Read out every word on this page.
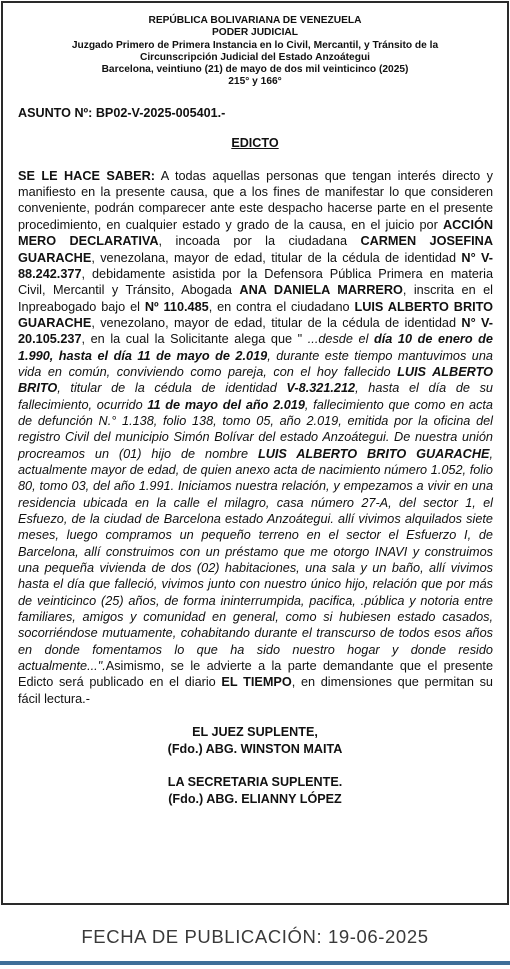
REPÚBLICA BOLIVARIANA DE VENEZUELA
PODER JUDICIAL
Juzgado Primero de Primera Instancia en lo Civil, Mercantil, y Tránsito de la
Circunscripción Judicial del Estado Anzoátegui
Barcelona, veintiuno (21) de mayo de dos mil veinticinco (2025)
215° y 166°
ASUNTO Nº: BP02-V-2025-005401.-
EDICTO

SE LE HACE SABER: A todas aquellas personas que tengan interés directo y manifiesto en la presente causa, que a los fines de manifestar lo que consideren conveniente, podrán comparecer ante este despacho hacerse parte en el presente procedimiento, en cualquier estado y grado de la causa, en el juicio por ACCIÓN MERO DECLARATIVA, incoada por la ciudadana CARMEN JOSEFINA GUARACHE, venezolana, mayor de edad, titular de la cédula de identidad N° V- 88.242.377, debidamente asistida por la Defensora Pública Primera en materia Civil, Mercantil y Tránsito, Abogada ANA DANIELA MARRERO, inscrita en el Inpreabogado bajo el Nº 110.485, en contra el ciudadano LUIS ALBERTO BRITO GUARACHE, venezolano, mayor de edad, titular de la cédula de identidad N° V-20.105.237, en la cual la Solicitante alega que " ...desde el día 10 de enero de 1.990, hasta el día 11 de mayo de 2.019, durante este tiempo mantuvimos una vida en común, conviviendo como pareja, con el hoy fallecido LUIS ALBERTO BRITO, titular de la cédula de identidad V-8.321.212, hasta el día de su fallecimiento, ocurrido 11 de mayo del año 2.019, fallecimiento que como en acta de defunción N.° 1.138, folio 138, tomo 05, año 2.019, emitida por la oficina del registro Civil del municipio Simón Bolívar del estado Anzoátegui. De nuestra unión procreamos un (01) hijo de nombre LUIS ALBERTO BRITO GUARACHE, actualmente mayor de edad, de quien anexo acta de nacimiento número 1.052, folio 80, tomo 03, del año 1.991. Iniciamos nuestra relación, y empezamos a vivir en una residencia ubicada en la calle el milagro, casa número 27-A, del sector 1, el Esfuezo, de la ciudad de Barcelona estado Anzoátegui. allí vivimos alquilados siete meses, luego compramos un pequeño terreno en el sector el Esfuerzo I, de Barcelona, allí construimos con un préstamo que me otorgo INAVI y construimos una pequeña vivienda de dos (02) habitaciones, una sala y un baño, allí vivimos hasta el día que falleció, vivimos junto con nuestro único hijo, relación que por más de veinticinco (25) años, de forma ininterrumpida, pacifica, .pública y notoria entre familiares, amigos y comunidad en general, como si hubiesen estado casados, socorriéndose mutuamente, cohabitando durante el transcurso de todos esos años en donde fomentamos lo que ha sido nuestro hogar y donde resido actualmente...".Asimismo, se le advierte a la parte demandante que el presente Edicto será publicado en el diario EL TIEMPO, en dimensiones que permitan su fácil lectura.-

EL JUEZ SUPLENTE,
(Fdo.) ABG. WINSTON MAITA
LA SECRETARIA SUPLENTE.
(Fdo.) ABG. ELIANNY LÓPEZ
FECHA DE PUBLICACIÓN: 19-06-2025
